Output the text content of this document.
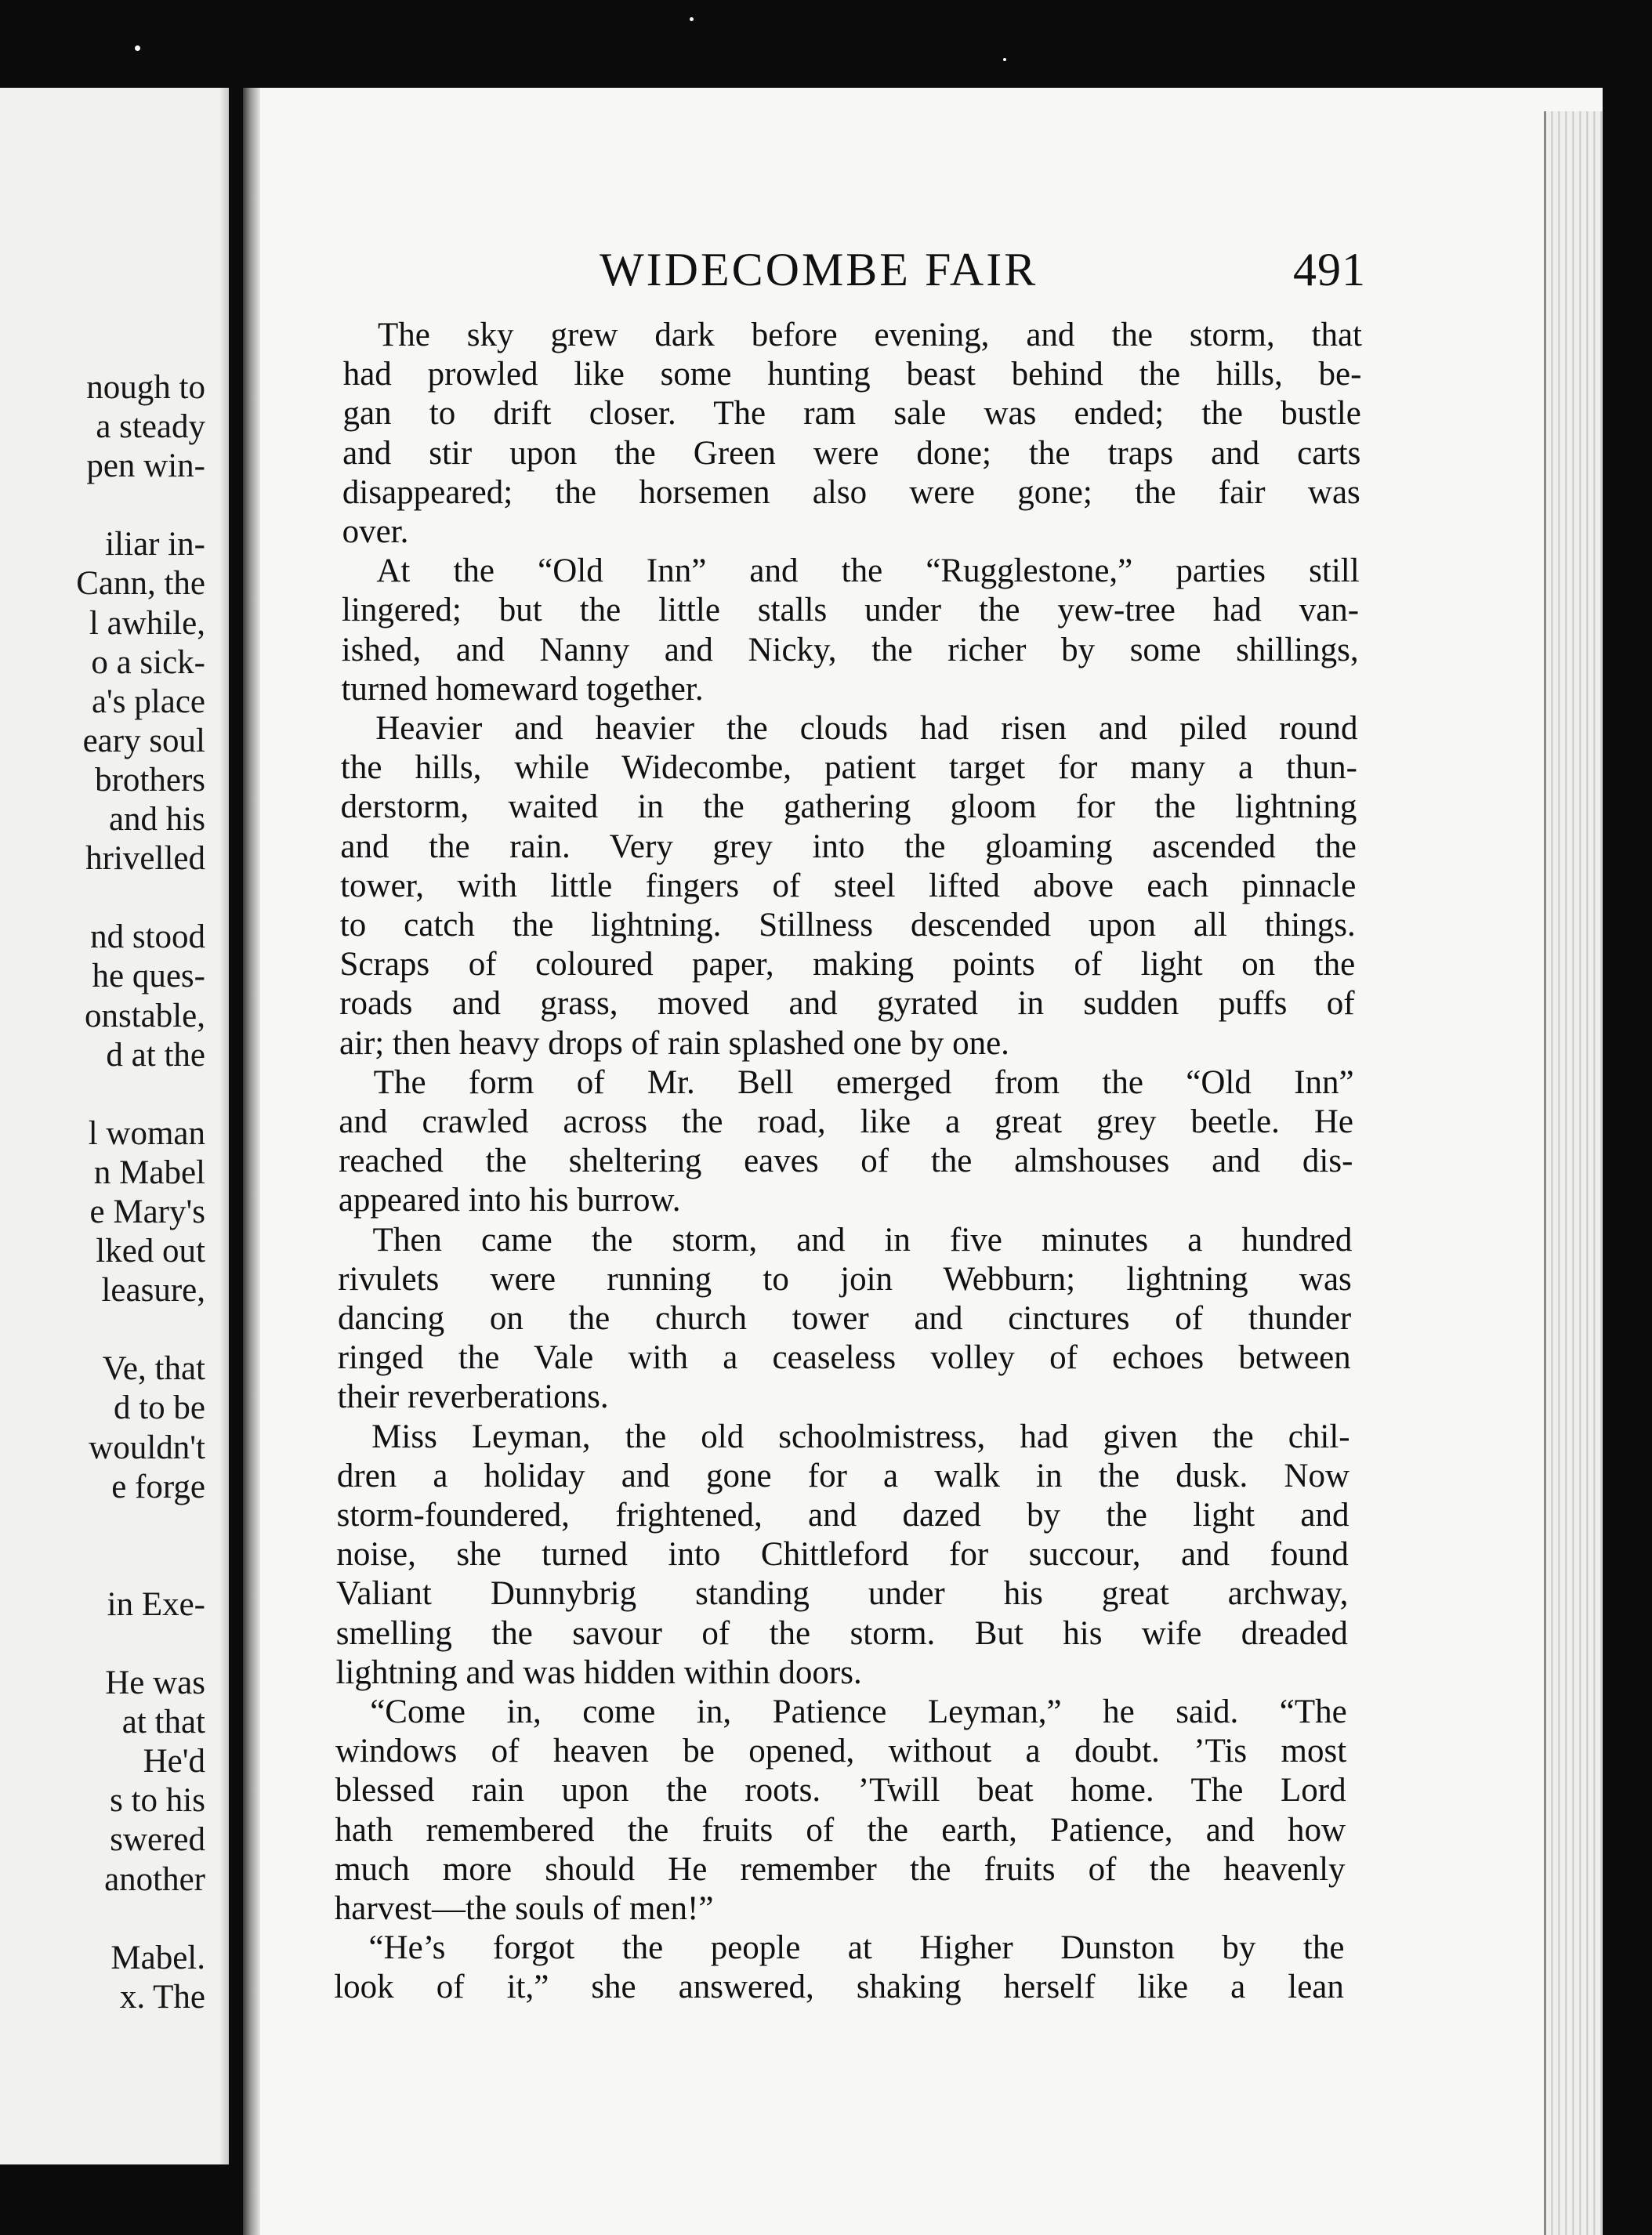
nough to
a steady
pen win-
iliar in-
Cann, the
l awhile,
o a sick-
a's place
eary soul
brothers
and his
hrivelled
nd stood
he ques-
onstable,
d at the
l woman
n Mabel
e Mary's
lked out
leasure,
Ve, that
d to be
wouldn't
e forge
in Exe-
He was
at that
He'd
s to his
swered
another
Mabel.
x. The
WIDECOMBE FAIR	491
The sky grew dark before evening, and the storm, that
had prowled like some hunting beast behind the hills, be-
gan to drift closer. The ram sale was ended; the bustle
and stir upon the Green were done; the traps and carts
disappeared; the horsemen also were gone; the fair was
over.
At the “Old Inn” and the “Rugglestone,” parties still
lingered; but the little stalls under the yew-tree had van-
ished, and Nanny and Nicky, the richer by some shillings,
turned homeward together.
Heavier and heavier the clouds had risen and piled round
the hills, while Widecombe, patient target for many a thun-
derstorm, waited in the gathering gloom for the lightning
and the rain. Very grey into the gloaming ascended the
tower, with little fingers of steel lifted above each pinnacle
to catch the lightning. Stillness descended upon all things.
Scraps of coloured paper, making points of light on the
roads and grass, moved and gyrated in sudden puffs of
air; then heavy drops of rain splashed one by one.
The form of Mr. Bell emerged from the “Old Inn”
and crawled across the road, like a great grey beetle. He
reached the sheltering eaves of the almshouses and dis-
appeared into his burrow.
Then came the storm, and in five minutes a hundred
rivulets were running to join Webburn; lightning was
dancing on the church tower and cinctures of thunder
ringed the Vale with a ceaseless volley of echoes between
their reverberations.
Miss Leyman, the old schoolmistress, had given the chil-
dren a holiday and gone for a walk in the dusk. Now
storm-foundered, frightened, and dazed by the light and
noise, she turned into Chittleford for succour, and found
Valiant Dunnybrig standing under his great archway,
smelling the savour of the storm. But his wife dreaded
lightning and was hidden within doors.
“Come in, come in, Patience Leyman,” he said. “The
windows of heaven be opened, without a doubt. ’Tis most
blessed rain upon the roots. ’Twill beat home. The Lord
hath remembered the fruits of the earth, Patience, and how
much more should He remember the fruits of the heavenly
harvest—the souls of men!”
“He’s forgot the people at Higher Dunston by the
look of it,” she answered, shaking herself like a lean
